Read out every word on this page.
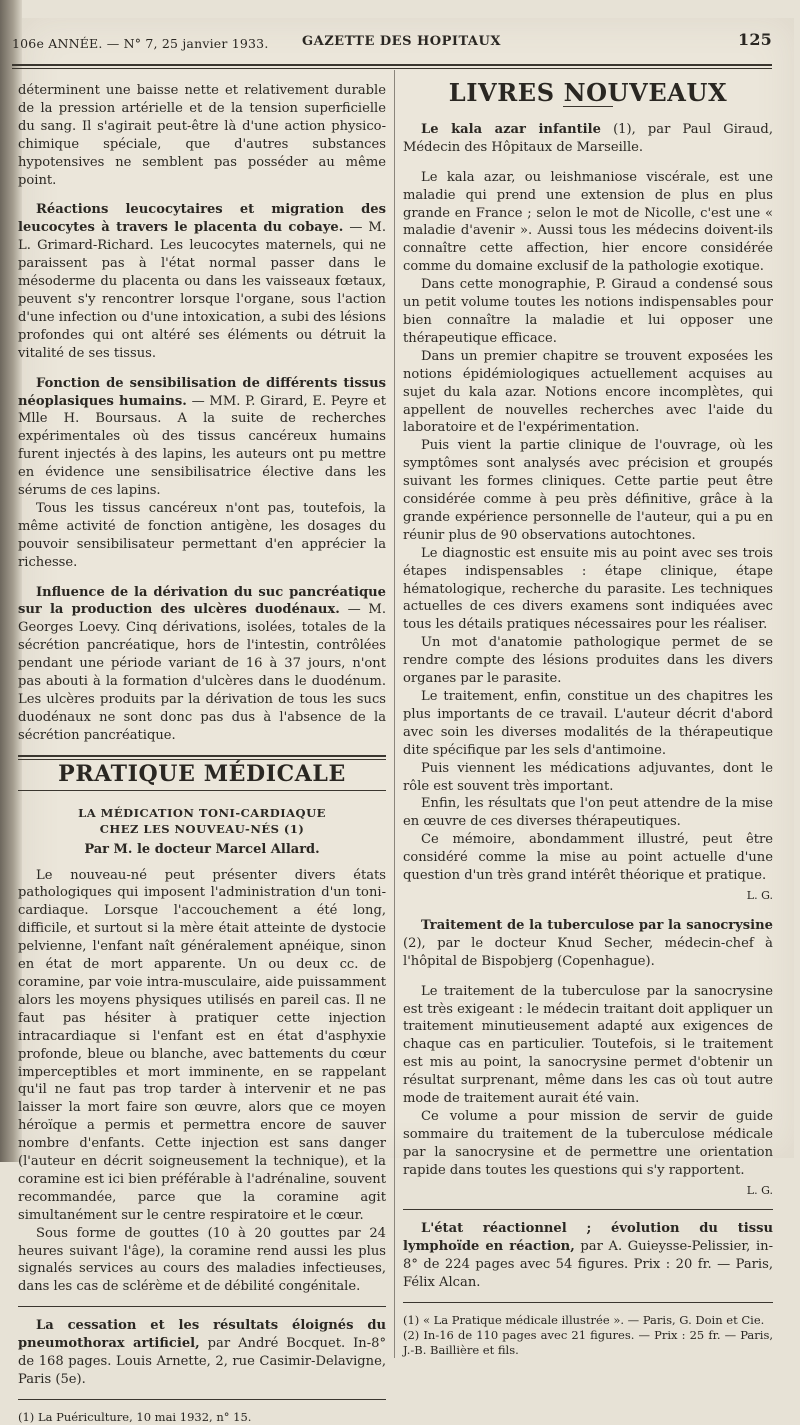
106e ANNÉE. — N° 7, 25 janvier 1933.	GAZETTE DES HOPITAUX	125

déterminent une baisse nette et relativement durable de la pression artérielle et de la tension superficielle du sang. Il s'agirait peut-être là d'une action physico-chimique spéciale, que d'autres substances hypotensives ne semblent pas posséder au même point.

Réactions leucocytaires et migration des leucocytes à travers le placenta du cobaye. — M. L. Grimard-Richard. Les leucocytes maternels, qui ne paraissent pas à l'état normal passer dans le mésoderme du placenta ou dans les vaisseaux fœtaux, peuvent s'y rencontrer lorsque l'organe, sous l'action d'une infection ou d'une intoxication, a subi des lésions profondes qui ont altéré ses éléments ou détruit la vitalité de ses tissus.

Fonction de sensibilisation de différents tissus néoplasiques humains. — MM. P. Girard, E. Peyre et Mlle H. Boursaus. A la suite de recherches expérimentales où des tissus cancéreux humains furent injectés à des lapins, les auteurs ont pu mettre en évidence une sensibilisatrice élective dans les sérums de ces lapins.

Tous les tissus cancéreux n'ont pas, toutefois, la même activité de fonction antigène, les dosages du pouvoir sensibilisateur permettant d'en apprécier la richesse.

Influence de la dérivation du suc pancréatique sur la production des ulcères duodénaux. — M. Georges Loevy. Cinq dérivations, isolées, totales de la sécrétion pancréatique, hors de l'intestin, contrôlées pendant une période variant de 16 à 37 jours, n'ont pas abouti à la formation d'ulcères dans le duodénum. Les ulcères produits par la dérivation de tous les sucs duodénaux ne sont donc pas dus à l'absence de la sécrétion pancréatique.

PRATIQUE MÉDICALE
LA MÉDICATION TONI-CARDIAQUE
CHEZ LES NOUVEAU-NÉS (1)
Par M. le docteur Marcel Allard.

Le nouveau-né peut présenter divers états pathologiques qui imposent l'administration d'un toni-cardiaque. Lorsque l'accouchement a été long, difficile, et surtout si la mère était atteinte de dystocie pelvienne, l'enfant naît généralement apnéique, sinon en état de mort apparente. Un ou deux cc. de coramine, par voie intra-musculaire, aide puissamment alors les moyens physiques utilisés en pareil cas. Il ne faut pas hésiter à pratiquer cette injection intracardiaque si l'enfant est en état d'asphyxie profonde, bleue ou blanche, avec battements du cœur imperceptibles et mort imminente, en se rappelant qu'il ne faut pas trop tarder à intervenir et ne pas laisser la mort faire son œuvre, alors que ce moyen héroïque a permis et permettra encore de sauver nombre d'enfants. Cette injection est sans danger (l'auteur en décrit soigneusement la technique), et la coramine est ici bien préférable à l'adrénaline, souvent recommandée, parce que la coramine agit simultanément sur le centre respiratoire et le cœur.

Sous forme de gouttes (10 à 20 gouttes par 24 heures suivant l'âge), la coramine rend aussi les plus signalés services au cours des maladies infectieuses, dans les cas de sclérème et de débilité congénitale.

La cessation et les résultats éloignés du pneumothorax artificiel, par André Bocquet. In-8° de 168 pages. Louis Arnette, 2, rue Casimir-Delavigne, Paris (5e).

(1) La Puériculture, 10 mai 1932, n° 15.

LIVRES NOUVEAUX

Le kala azar infantile (1), par Paul Giraud, Médecin des Hôpitaux de Marseille.

Le kala azar, ou leishmaniose viscérale, est une maladie qui prend une extension de plus en plus grande en France ; selon le mot de Nicolle, c'est une « maladie d'avenir ». Aussi tous les médecins doivent-ils connaître cette affection, hier encore considérée comme du domaine exclusif de la pathologie exotique.

Dans cette monographie, P. Giraud a condensé sous un petit volume toutes les notions indispensables pour bien connaître la maladie et lui opposer une thérapeutique efficace.

Dans un premier chapitre se trouvent exposées les notions épidémiologiques actuellement acquises au sujet du kala azar. Notions encore incomplètes, qui appellent de nouvelles recherches avec l'aide du laboratoire et de l'expérimentation.

Puis vient la partie clinique de l'ouvrage, où les symptômes sont analysés avec précision et groupés suivant les formes cliniques. Cette partie peut être considérée comme à peu près définitive, grâce à la grande expérience personnelle de l'auteur, qui a pu en réunir plus de 90 observations autochtones.

Le diagnostic est ensuite mis au point avec ses trois étapes indispensables : étape clinique, étape hématologique, recherche du parasite. Les techniques actuelles de ces divers examens sont indiquées avec tous les détails pratiques nécessaires pour les réaliser.

Un mot d'anatomie pathologique permet de se rendre compte des lésions produites dans les divers organes par le parasite.

Le traitement, enfin, constitue un des chapitres les plus importants de ce travail. L'auteur décrit d'abord avec soin les diverses modalités de la thérapeutique dite spécifique par les sels d'antimoine.

Puis viennent les médications adjuvantes, dont le rôle est souvent très important.

Enfin, les résultats que l'on peut attendre de la mise en œuvre de ces diverses thérapeutiques.

Ce mémoire, abondamment illustré, peut être considéré comme la mise au point actuelle d'une question d'un très grand intérêt théorique et pratique.

L. G.

Traitement de la tuberculose par la sanocrysine (2), par le docteur Knud Secher, médecin-chef à l'hôpital de Bispobjerg (Copenhague).

Le traitement de la tuberculose par la sanocrysine est très exigeant : le médecin traitant doit appliquer un traitement minutieusement adapté aux exigences de chaque cas en particulier. Toutefois, si le traitement est mis au point, la sanocrysine permet d'obtenir un résultat surprenant, même dans les cas où tout autre mode de traitement aurait été vain.

Ce volume a pour mission de servir de guide sommaire du traitement de la tuberculose médicale par la sanocrysine et de permettre une orientation rapide dans toutes les questions qui s'y rapportent.

L. G.

L'état réactionnel ; évolution du tissu lymphoïde en réaction, par A. Guieysse-Pelissier, in-8° de 224 pages avec 54 figures. Prix : 20 fr. — Paris, Félix Alcan.

(1) « La Pratique médicale illustrée ». — Paris, G. Doin et Cie.

(2) In-16 de 110 pages avec 21 figures. — Prix : 25 fr. — Paris, J.-B. Baillière et fils.
